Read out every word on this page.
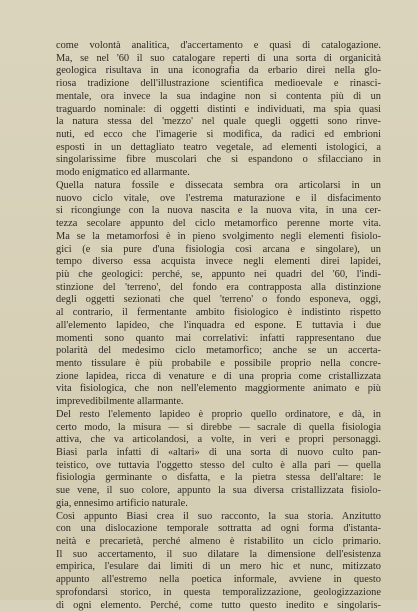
come volontà analitica, d'accertamento e quasi di catalogazione.
Ma, se nel '60 il suo catalogare reperti di una sorta di organicità
geologica risultava in una iconografia da erbario direi nella glo-
riosa tradizione dell'illustrazione scientifica medioevale e rinasci-
mentale, ora invece la sua indagine non si contenta più di un
traguardo nominale: di oggetti distinti e individuati, ma spia quasi
la natura stessa del 'mezzo' nel quale quegli oggetti sono rinve-
nuti, ed ecco che l'imagerie si modifica, da radici ed embrioni
esposti in un dettagliato teatro vegetale, ad elementi istologici, a
singolarissime fibre muscolari che si espandono o sfilacciano in
modo enigmatico ed allarmante.
Quella natura fossile e dissecata sembra ora articolarsi in un
nuovo ciclo vitale, ove l'estrema maturazione e il disfacimento
si ricongiunge con la nuova nascita e la nuova vita, in una cer-
tezza secolare appunto del ciclo metamorfico perenne morte vita.
Ma se la metamorfosi è in pieno svolgimento negli elementi fisiolo-
gici (e sia pure d'una fisiologia così arcana e singolare), un
tempo diverso essa acquista invece negli elementi direi lapidei,
più che geologici: perché, se, appunto nei quadri del '60, l'indi-
stinzione del 'terreno', del fondo era contrapposta alla distinzione
degli oggetti sezionati che quel 'terreno' o fondo esponeva, oggi,
al contrario, il fermentante ambito fisiologico è indistinto rispetto
all'elemento lapideo, che l'inquadra ed espone. E tuttavia i due
momenti sono quanto mai correlativi: infatti rappresentano due
polarità del medesimo ciclo metamorfico; anche se un accerta-
mento tissulare è più probabile e possibile proprio nella concre-
zione lapidea, ricca di venature e di una propria come cristallizzata
vita fisiologica, che non nell'elemento maggiormente animato e più
imprevedibilmente allarmante.
Del resto l'elemento lapideo è proprio quello ordinatore, e dà, in
certo modo, la misura — si direbbe — sacrale di quella fisiologia
attiva, che va articolandosi, a volte, in veri e propri personaggi.
Biasi parla infatti di «altari» di una sorta di nuovo culto pan-
teistico, ove tuttavia l'oggetto stesso del culto è alla pari — quella
fisiologia germinante o disfatta, e la pietra stessa dell'altare: le
sue vene, il suo colore, appunto la sua diversa cristallizzata fisiolo-
gia, ennesimo artificio naturale.
Così appunto Biasi crea il suo racconto, la sua storia. Anzitutto
con una dislocazione temporale sottratta ad ogni forma d'istanta-
neità e precarietà, perché almeno è ristabilito un ciclo primario.
Il suo accertamento, il suo dilatare la dimensione dell'esistenza
empirica, l'esulare dai limiti di un mero hic et nunc, mitizzato
appunto all'estremo nella poetica informale, avviene in questo
sprofondarsi storico, in questa temporalizzazione, geologizzazione
di ogni elemento. Perché, come tutto questo inedito e singolaris-
